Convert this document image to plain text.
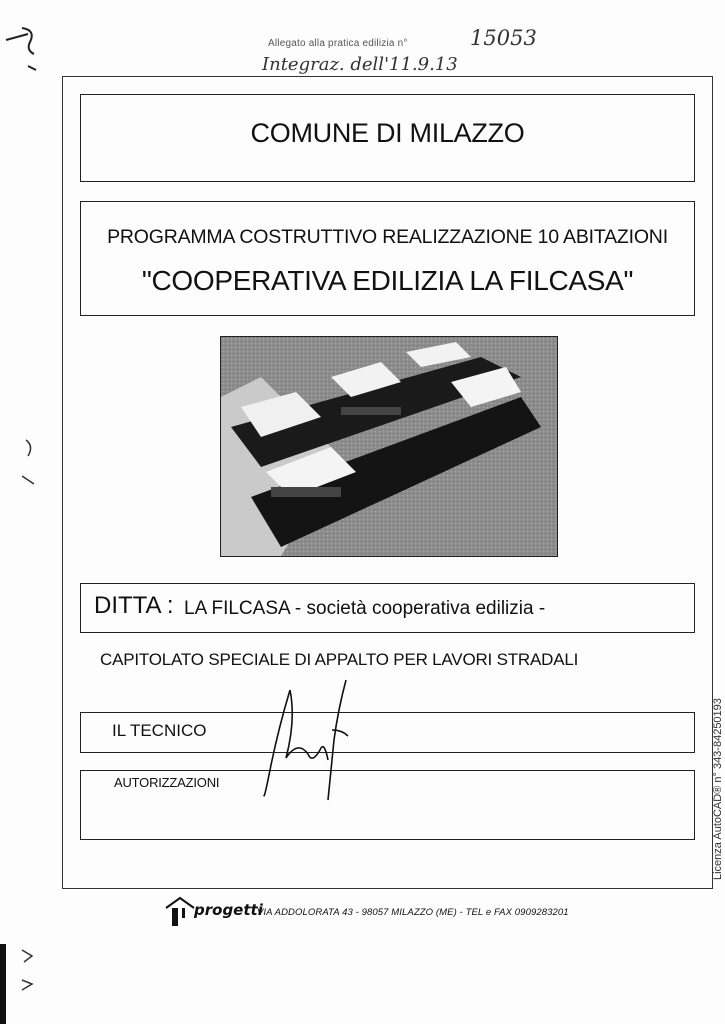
Allegato alla pratica edilizia n°	15053
Integraz. dell'11.9.13
COMUNE DI MILAZZO
PROGRAMMA COSTRUTTIVO REALIZZAZIONE 10 ABITAZIONI
"COOPERATIVA EDILIZIA LA FILCASA"
DITTA : LA FILCASA - società cooperativa edilizia -
CAPITOLATO SPECIALE DI APPALTO PER LAVORI STRADALI
IL TECNICO
AUTORIZZAZIONI
progetti
VIA ADDOLORATA 43 - 98057 MILAZZO (ME) - TEL e FAX 0909283201
Licenza AutoCAD® n° 343-84250193
